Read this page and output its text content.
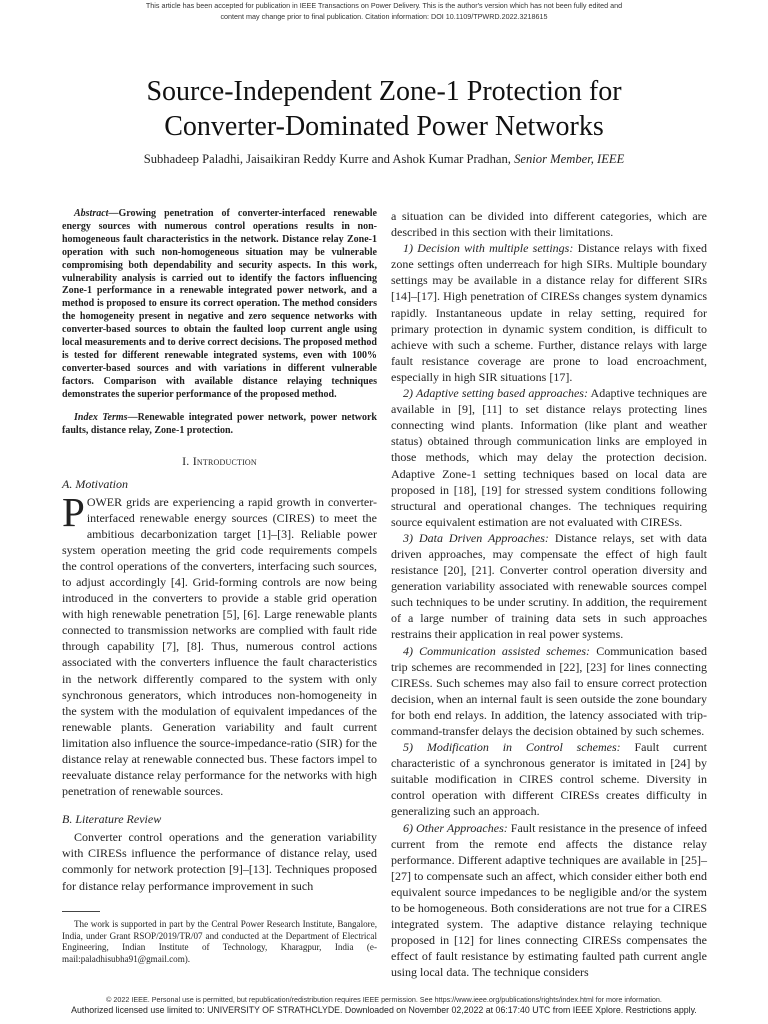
This article has been accepted for publication in IEEE Transactions on Power Delivery. This is the author's version which has not been fully edited and
content may change prior to final publication. Citation information: DOI 10.1109/TPWRD.2022.3218615
Source-Independent Zone-1 Protection for
Converter-Dominated Power Networks
Subhadeep Paladhi, Jaisaikiran Reddy Kurre and Ashok Kumar Pradhan, Senior Member, IEEE

Abstract—Growing penetration of converter-interfaced renewable energy sources with numerous control operations results in non-homogeneous fault characteristics in the network. Distance relay Zone-1 operation with such non-homogeneous situation may be vulnerable compromising both dependability and security aspects. In this work, vulnerability analysis is carried out to identify the factors influencing Zone-1 performance in a renewable integrated power network, and a method is proposed to ensure its correct operation. The method considers the homogeneity present in negative and zero sequence networks with converter-based sources to obtain the faulted loop current angle using local measurements and to derive correct decisions. The proposed method is tested for different renewable integrated systems, even with 100% converter-based sources and with variations in different vulnerable factors. Comparison with available distance relaying techniques demonstrates the superior performance of the proposed method.

Index Terms—Renewable integrated power network, power network faults, distance relay, Zone-1 protection.

I. Introduction

A. Motivation

POWER grids are experiencing a rapid growth in converter-interfaced renewable energy sources (CIRES) to meet the ambitious decarbonization target [1]–[3]. Reliable power system operation meeting the grid code requirements compels the control operations of the converters, interfacing such sources, to adjust accordingly [4]. Grid-forming controls are now being introduced in the converters to provide a stable grid operation with high renewable penetration [5], [6]. Large renewable plants connected to transmission networks are complied with fault ride through capability [7], [8]. Thus, numerous control actions associated with the converters influence the fault characteristics in the network differently compared to the system with only synchronous generators, which introduces non-homogeneity in the system with the modulation of equivalent impedances of the renewable plants. Generation variability and fault current limitation also influence the source-impedance-ratio (SIR) for the distance relay at renewable connected bus. These factors impel to reevaluate distance relay performance for the networks with high penetration of renewable sources.

B. Literature Review

Converter control operations and the generation variability with CIRESs influence the performance of distance relay, used commonly for network protection [9]–[13]. Techniques proposed for distance relay performance improvement in such

The work is supported in part by the Central Power Research Institute, Bangalore, India, under Grant RSOP/2019/TR/07 and conducted at the Department of Electrical Engineering, Indian Institute of Technology, Kharagpur, India (e-mail:paladhisubha91@gmail.com).

a situation can be divided into different categories, which are described in this section with their limitations.

1) Decision with multiple settings: Distance relays with fixed zone settings often underreach for high SIRs. Multiple boundary settings may be available in a distance relay for different SIRs [14]–[17]. High penetration of CIRESs changes system dynamics rapidly. Instantaneous update in relay setting, required for primary protection in dynamic system condition, is difficult to achieve with such a scheme. Further, distance relays with large fault resistance coverage are prone to load encroachment, especially in high SIR situations [17].

2) Adaptive setting based approaches: Adaptive techniques are available in [9], [11] to set distance relays protecting lines connecting wind plants. Information (like plant and weather status) obtained through communication links are employed in those methods, which may delay the protection decision. Adaptive Zone-1 setting techniques based on local data are proposed in [18], [19] for stressed system conditions following structural and operational changes. The techniques requiring source equivalent estimation are not evaluated with CIRESs.

3) Data Driven Approaches: Distance relays, set with data driven approaches, may compensate the effect of high fault resistance [20], [21]. Converter control operation diversity and generation variability associated with renewable sources compel such techniques to be under scrutiny. In addition, the requirement of a large number of training data sets in such approaches restrains their application in real power systems.

4) Communication assisted schemes: Communication based trip schemes are recommended in [22], [23] for lines connecting CIRESs. Such schemes may also fail to ensure correct protection decision, when an internal fault is seen outside the zone boundary for both end relays. In addition, the latency associated with trip-command-transfer delays the decision obtained by such schemes.

5) Modification in Control schemes: Fault current characteristic of a synchronous generator is imitated in [24] by suitable modification in CIRES control scheme. Diversity in control operation with different CIRESs creates difficulty in generalizing such an approach.

6) Other Approaches: Fault resistance in the presence of infeed current from the remote end affects the distance relay performance. Different adaptive techniques are available in [25]–[27] to compensate such an affect, which consider either both end equivalent source impedances to be negligible and/or the system to be homogeneous. Both considerations are not true for a CIRES integrated system. The adaptive distance relaying technique proposed in [12] for lines connecting CIRESs compensates the effect of fault resistance by estimating faulted path current angle using local data. The technique considers

© 2022 IEEE. Personal use is permitted, but republication/redistribution requires IEEE permission. See https://www.ieee.org/publications/rights/index.html for more information.
Authorized licensed use limited to: UNIVERSITY OF STRATHCLYDE. Downloaded on November 02,2022 at 06:17:40 UTC from IEEE Xplore. Restrictions apply.
